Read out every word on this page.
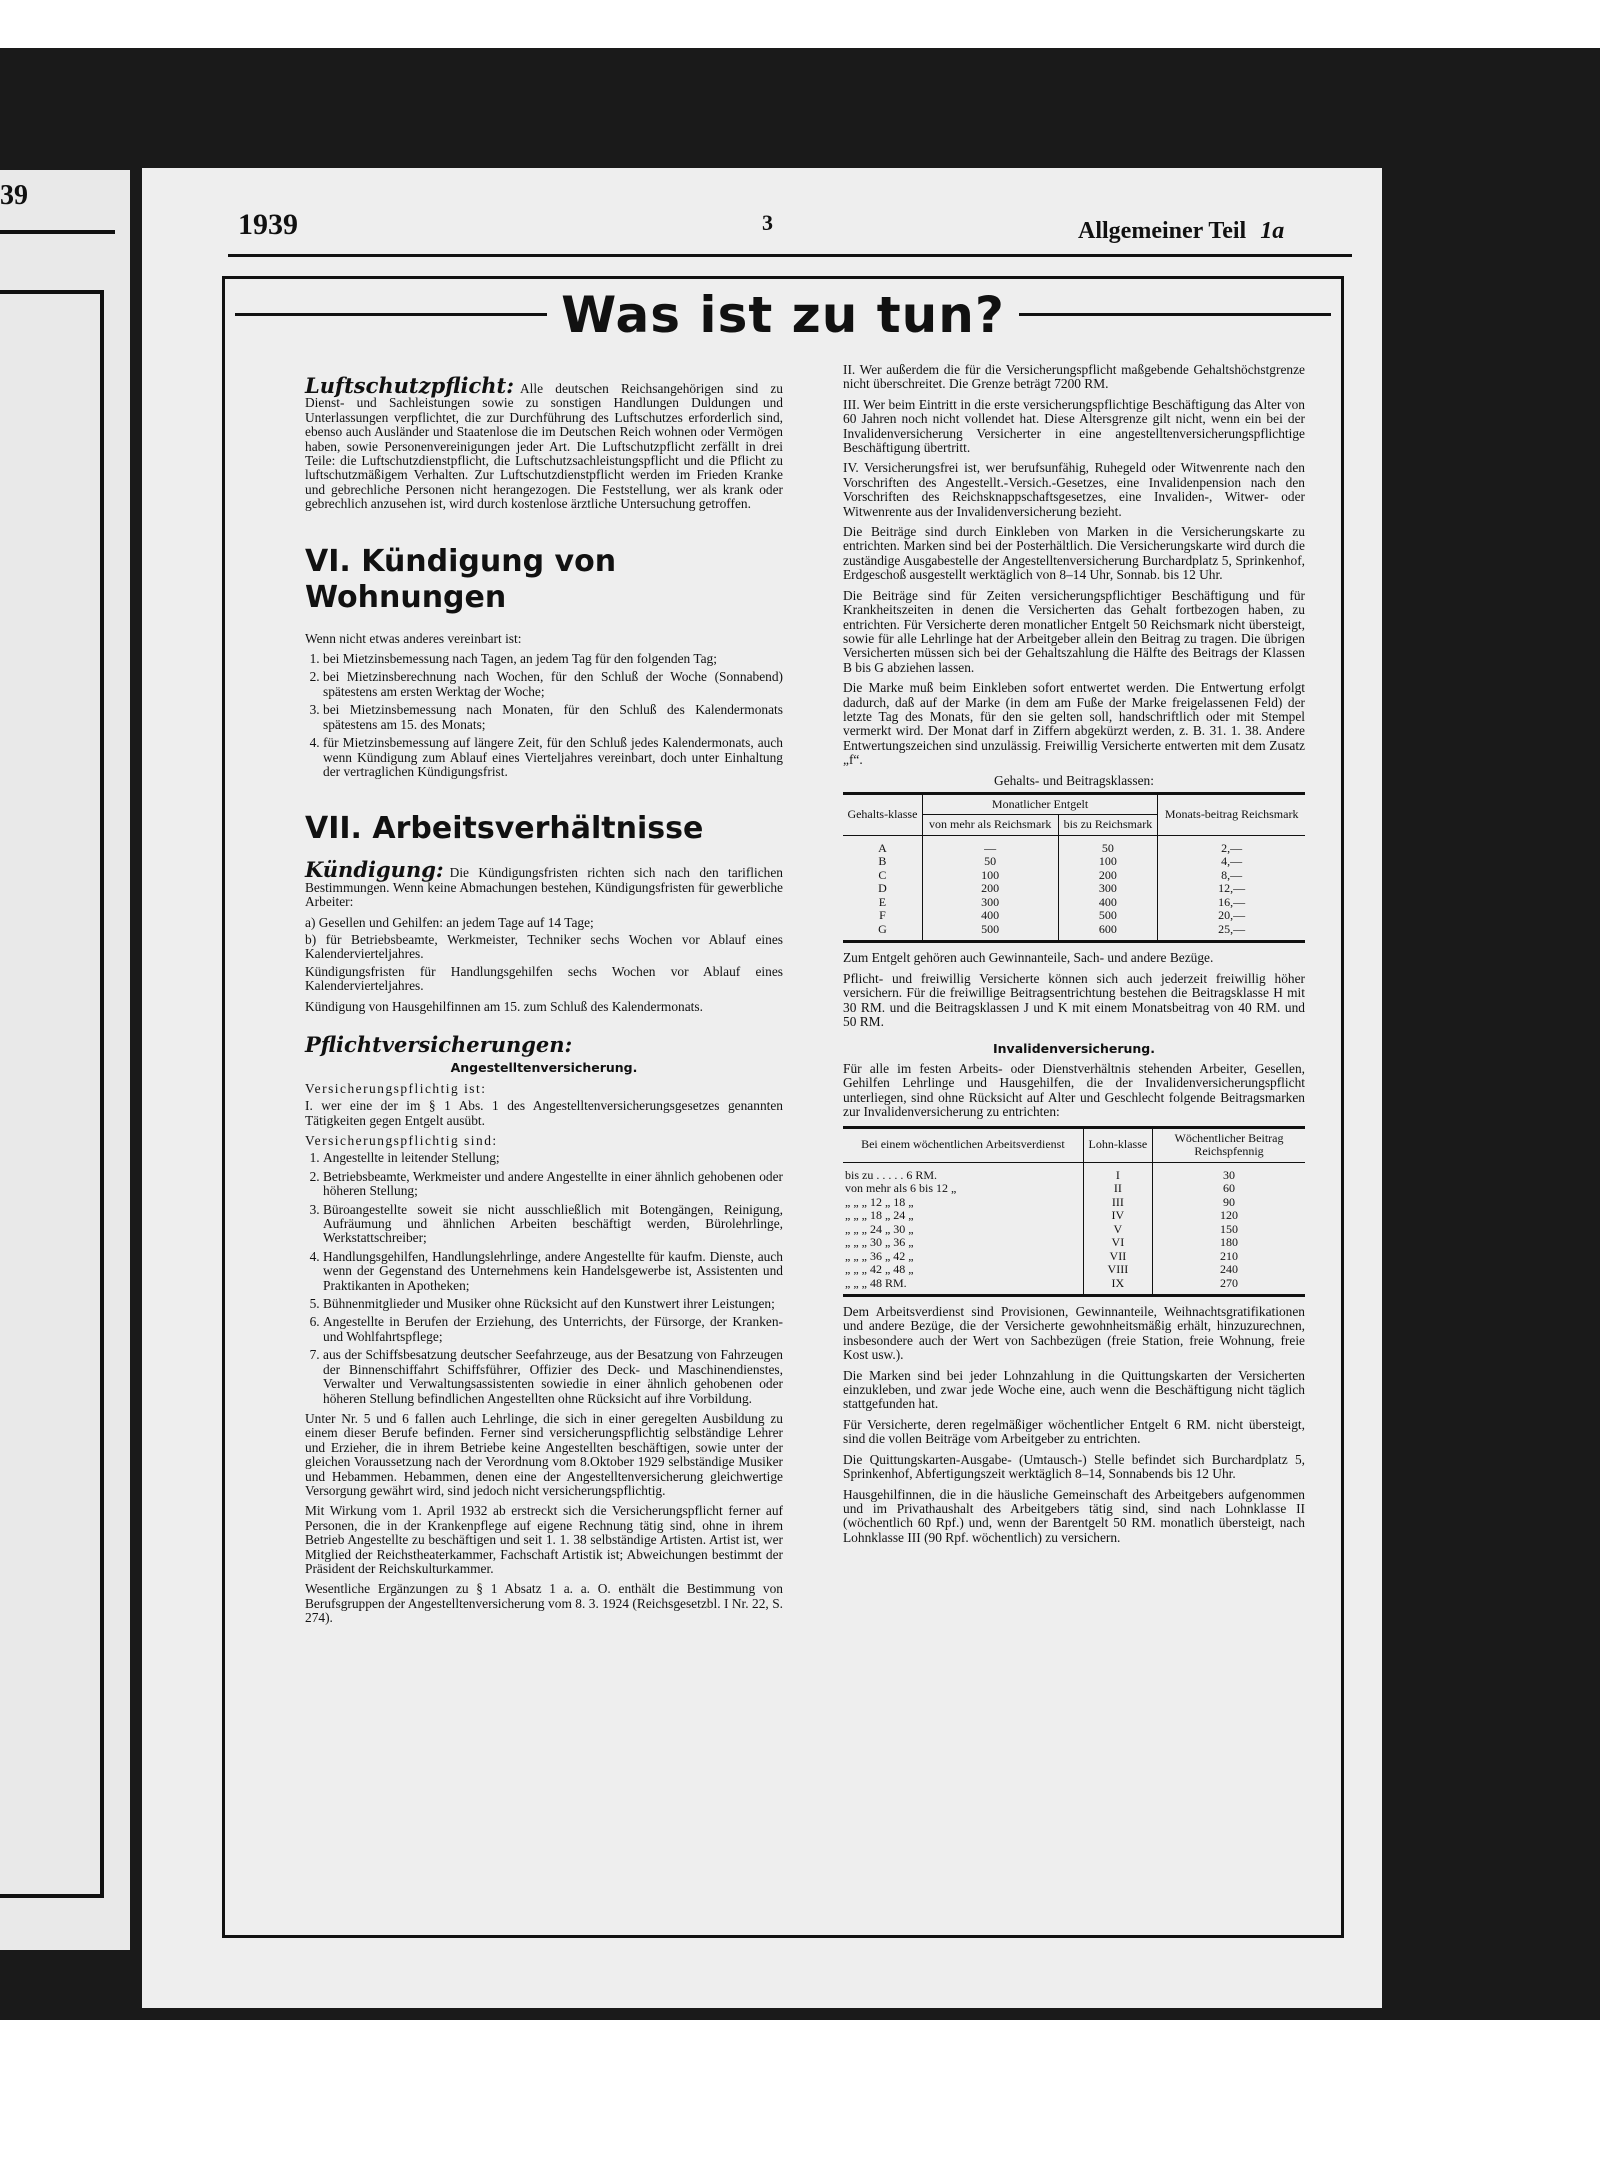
39
1939	3	Allgemeiner Teil 1a
Was ist zu tun?

Luftschutzpflicht: Alle deutschen Reichsangehörigen sind zu Dienst- und Sachleistungen sowie zu sonstigen Handlungen Duldungen und Unterlassungen verpflichtet, die zur Durchführung des Luftschutzes erforderlich sind, ebenso auch Ausländer und Staatenlose die im Deutschen Reich wohnen oder Vermögen haben, sowie Personenvereinigungen jeder Art. Die Luftschutzpflicht zerfällt in drei Teile: die Luftschutzdienstpflicht, die Luftschutzsachleistungspflicht und die Pflicht zu luftschutzmäßigem Verhalten. Zur Luftschutzdienstpflicht werden im Frieden Kranke und gebrechliche Personen nicht herangezogen. Die Feststellung, wer als krank oder gebrechlich anzusehen ist, wird durch kostenlose ärztliche Untersuchung getroffen.

VI. Kündigung von Wohnungen

Wenn nicht etwas anderes vereinbart ist:

1. bei Mietzinsbemessung nach Tagen, an jedem Tag für den folgenden Tag;
2. bei Mietzinsberechnung nach Wochen, für den Schluß der Woche (Sonnabend) spätestens am ersten Werktag der Woche;
3. bei Mietzinsbemessung nach Monaten, für den Schluß des Kalendermonats spätestens am 15. des Monats;
4. für Mietzinsbemessung auf längere Zeit, für den Schluß jedes Kalendermonats, auch wenn Kündigung zum Ablauf eines Vierteljahres vereinbart, doch unter Einhaltung der vertraglichen Kündigungsfrist.
VII. Arbeitsverhältnisse

Kündigung: Die Kündigungsfristen richten sich nach den tariflichen Bestimmungen. Wenn keine Abmachungen bestehen, Kündigungsfristen für gewerbliche Arbeiter:

a) Gesellen und Gehilfen: an jedem Tage auf 14 Tage;
b) für Betriebsbeamte, Werkmeister, Techniker sechs Wochen vor Ablauf eines Kalendervierteljahres.

Kündigungsfristen für Handlungsgehilfen sechs Wochen vor Ablauf eines Kalendervierteljahres.

Kündigung von Hausgehilfinnen am 15. zum Schluß des Kalendermonats.

Pflichtversicherungen:

Angestelltenversicherung.
Versicherungspflichtig ist:

I. wer eine der im § 1 Abs. 1 des Angestelltenversicherungsgesetzes genannten Tätigkeiten gegen Entgelt ausübt.

Versicherungspflichtig sind:
1. Angestellte in leitender Stellung;
2. Betriebsbeamte, Werkmeister und andere Angestellte in einer ähnlich gehobenen oder höheren Stellung;
3. Büroangestellte soweit sie nicht ausschließlich mit Botengängen, Reinigung, Aufräumung und ähnlichen Arbeiten beschäftigt werden, Bürolehrlinge, Werkstattschreiber;
4. Handlungsgehilfen, Handlungslehrlinge, andere Angestellte für kaufm. Dienste, auch wenn der Gegenstand des Unternehmens kein Handelsgewerbe ist, Assistenten und Praktikanten in Apotheken;
5. Bühnenmitglieder und Musiker ohne Rücksicht auf den Kunstwert ihrer Leistungen;
6. Angestellte in Berufen der Erziehung, des Unterrichts, der Fürsorge, der Kranken- und Wohlfahrtspflege;
7. aus der Schiffsbesatzung deutscher Seefahrzeuge, aus der Besatzung von Fahrzeugen der Binnenschiffahrt Schiffsführer, Offizier des Deck- und Maschinendienstes, Verwalter und Verwaltungsassistenten sowiedie in einer ähnlich gehobenen oder höheren Stellung befindlichen Angestellten ohne Rücksicht auf ihre Vorbildung.

Unter Nr. 5 und 6 fallen auch Lehrlinge, die sich in einer geregelten Ausbildung zu einem dieser Berufe befinden. Ferner sind versicherungspflichtig selbständige Lehrer und Erzieher, die in ihrem Betriebe keine Angestellten beschäftigen, sowie unter der gleichen Voraussetzung nach der Verordnung vom 8.Oktober 1929 selbständige Musiker und Hebammen. Hebammen, denen eine der Angestelltenversicherung gleichwertige Versorgung gewährt wird, sind jedoch nicht versicherungspflichtig.

Mit Wirkung vom 1. April 1932 ab erstreckt sich die Versicherungspflicht ferner auf Personen, die in der Krankenpflege auf eigene Rechnung tätig sind, ohne in ihrem Betrieb Angestellte zu beschäftigen und seit 1. 1. 38 selbständige Artisten. Artist ist, wer Mitglied der Reichstheaterkammer, Fachschaft Artistik ist; Abweichungen bestimmt der Präsident der Reichskulturkammer.

Wesentliche Ergänzungen zu § 1 Absatz 1 a. a. O. enthält die Bestimmung von Berufsgruppen der Angestelltenversicherung vom 8. 3. 1924 (Reichsgesetzbl. I Nr. 22, S. 274).

II. Wer außerdem die für die Versicherungspflicht maßgebende Gehaltshöchstgrenze nicht überschreitet. Die Grenze beträgt 7200 RM.

III. Wer beim Eintritt in die erste versicherungspflichtige Beschäftigung das Alter von 60 Jahren noch nicht vollendet hat. Diese Altersgrenze gilt nicht, wenn ein bei der Invalidenversicherung Versicherter in eine angestelltenversicherungspflichtige Beschäftigung übertritt.

IV. Versicherungsfrei ist, wer berufsunfähig, Ruhegeld oder Witwenrente nach den Vorschriften des Angestellt.-Versich.-Gesetzes, eine Invalidenpension nach den Vorschriften des Reichsknappschaftsgesetzes, eine Invaliden-, Witwer- oder Witwenrente aus der Invalidenversicherung bezieht.

Die Beiträge sind durch Einkleben von Marken in die Versicherungskarte zu entrichten. Marken sind bei der Posterhältlich. Die Versicherungskarte wird durch die zuständige Ausgabestelle der Angestelltenversicherung Burchardplatz 5, Sprinkenhof, Erdgeschoß ausgestellt werktäglich von 8–14 Uhr, Sonnab. bis 12 Uhr.

Die Beiträge sind für Zeiten versicherungspflichtiger Beschäftigung und für Krankheitszeiten in denen die Versicherten das Gehalt fortbezogen haben, zu entrichten. Für Versicherte deren monatlicher Entgelt 50 Reichsmark nicht übersteigt, sowie für alle Lehrlinge hat der Arbeitgeber allein den Beitrag zu tragen. Die übrigen Versicherten müssen sich bei der Gehaltszahlung die Hälfte des Beitrags der Klassen B bis G abziehen lassen.

Die Marke muß beim Einkleben sofort entwertet werden. Die Entwertung erfolgt dadurch, daß auf der Marke (in dem am Fuße der Marke freigelassenen Feld) der letzte Tag des Monats, für den sie gelten soll, handschriftlich oder mit Stempel vermerkt wird. Der Monat darf in Ziffern abgekürzt werden, z. B. 31. 1. 38. Andere Entwertungszeichen sind unzulässig. Freiwillig Versicherte entwerten mit dem Zusatz „f“.

Gehalts- und Beitragsklassen:
Gehalts-klasse	Monatlicher Entgelt		Monats-beitrag Reichsmark
	von mehr als Reichsmark	bis zu Reichsmark	
A	—	50	2,—
B	50	100	4,—
C	100	200	8,—
D	200	300	12,—
E	300	400	16,—
F	400	500	20,—
G	500	600	25,—

Zum Entgelt gehören auch Gewinnanteile, Sach- und andere Bezüge.

Pflicht- und freiwillig Versicherte können sich auch jederzeit freiwillig höher versichern. Für die freiwillige Beitragsentrichtung bestehen die Beitragsklasse H mit 30 RM. und die Beitragsklassen J und K mit einem Monatsbeitrag von 40 RM. und 50 RM.

Invalidenversicherung.

Für alle im festen Arbeits- oder Dienstverhältnis stehenden Arbeiter, Gesellen, Gehilfen Lehrlinge und Hausgehilfen, die der Invalidenversicherungspflicht unterliegen, sind ohne Rücksicht auf Alter und Geschlecht folgende Beitragsmarken zur Invalidenversicherung zu entrichten:

Bei einem wöchentlichen Arbeitsverdienst	Lohn-klasse	Wöchentlicher Beitrag Reichspfennig
bis zu . . . . . 6 RM.	I	30
von mehr als 6 bis 12 „	II	60
„ „ „ 12 „ 18 „	III	90
„ „ „ 18 „ 24 „	IV	120
„ „ „ 24 „ 30 „	V	150
„ „ „ 30 „ 36 „	VI	180
„ „ „ 36 „ 42 „	VII	210
„ „ „ 42 „ 48 „	VIII	240
„ „ „ 48 RM.	IX	270

Dem Arbeitsverdienst sind Provisionen, Gewinnanteile, Weihnachtsgratifikationen und andere Bezüge, die der Versicherte gewohnheitsmäßig erhält, hinzuzurechnen, insbesondere auch der Wert von Sachbezügen (freie Station, freie Wohnung, freie Kost usw.).

Die Marken sind bei jeder Lohnzahlung in die Quittungskarten der Versicherten einzukleben, und zwar jede Woche eine, auch wenn die Beschäftigung nicht täglich stattgefunden hat.

Für Versicherte, deren regelmäßiger wöchentlicher Entgelt 6 RM. nicht übersteigt, sind die vollen Beiträge vom Arbeitgeber zu entrichten.

Die Quittungskarten-Ausgabe- (Umtausch-) Stelle befindet sich Burchardplatz 5, Sprinkenhof, Abfertigungszeit werktäglich 8–14, Sonnabends bis 12 Uhr.

Hausgehilfinnen, die in die häusliche Gemeinschaft des Arbeitgebers aufgenommen und im Privathaushalt des Arbeitgebers tätig sind, sind nach Lohnklasse II (wöchentlich 60 Rpf.) und, wenn der Barentgelt 50 RM. monatlich übersteigt, nach Lohnklasse III (90 Rpf. wöchentlich) zu versichern.
